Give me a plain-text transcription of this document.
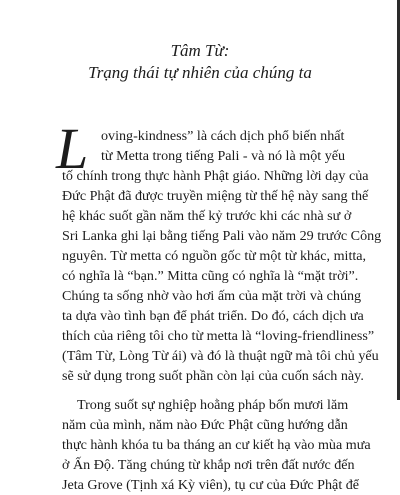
Tâm Từ:

Trạng thái tự nhiên của chúng ta

L oving-kindness” là cách dịch phổ biến nhất

từ Metta trong tiếng Pali - và nó là một yếu

tố chính trong thực hành Phật giáo. Những lời dạy của

Đức Phật đã được truyền miệng từ thế hệ này sang thế

hệ khác suốt gần năm thế kỷ trước khi các nhà sư ở

Sri Lanka ghi lại bằng tiếng Pali vào năm 29 trước Công

nguyên. Từ metta có nguồn gốc từ một từ khác, mitta,

có nghĩa là “bạn.” Mitta cũng có nghĩa là “mặt trời”.

Chúng ta sống nhờ vào hơi ấm của mặt trời và chúng

ta dựa vào tình bạn để phát triển. Do đó, cách dịch ưa

thích của riêng tôi cho từ metta là “loving-friendliness”

(Tâm Từ, Lòng Từ ái) và đó là thuật ngữ mà tôi chủ yếu

sẽ sử dụng trong suốt phần còn lại của cuốn sách này.

Trong suốt sự nghiệp hoằng pháp bốn mươi lăm

năm của mình, năm nào Đức Phật cũng hướng dẫn

thực hành khóa tu ba tháng an cư kiết hạ vào mùa mưa

ở Ấn Độ. Tăng chúng từ khắp nơi trên đất nước đến

Jeta Grove (Tịnh xá Kỳ viên), tụ cư của Đức Phật để
